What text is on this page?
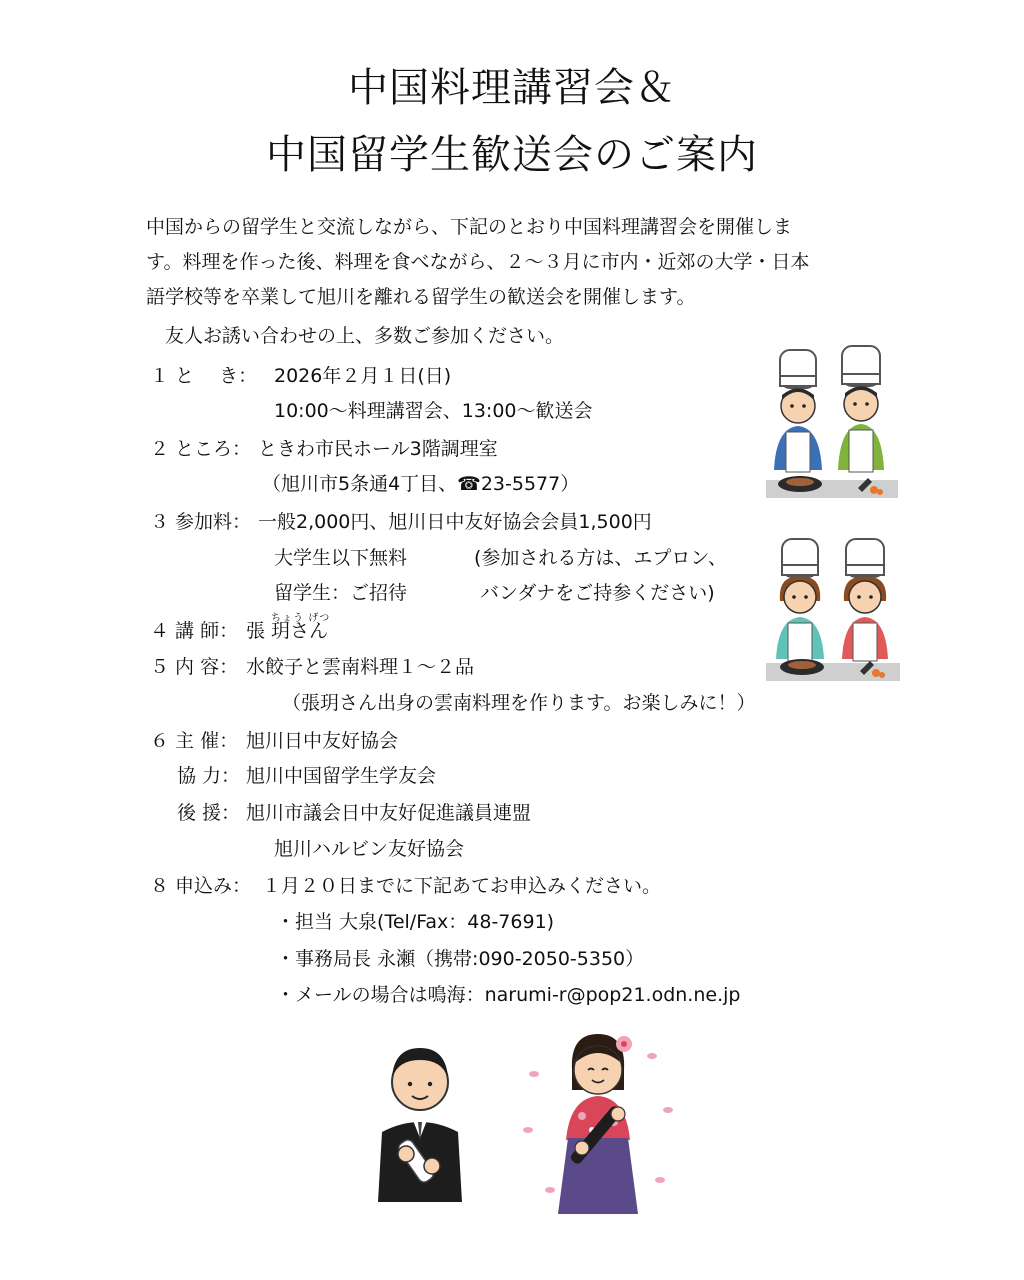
中国料理講習会＆
中国留学生歓送会のご案内

中国からの留学生と交流しながら、下記のとおり中国料理講習会を開催しま

す。料理を作った後、料理を食べながら、２～３月に市内・近郊の大学・日本

語学校等を卒業して旭川を離れる留学生の歓送会を開催します。

　友人お誘い合わせの上、多数ご参加ください。

１ と　 き： 2026年２月１日(日)
10:00～料理講習会、13:00～歓送会
２ ところ： ときわ市民ホール3階調理室
（旭川市5条通4丁目、☎23-5577）
３ 参加料： 一般2,000円、旭川日中友好協会会員1,500円
大学生以下無料	(参加される方は、エプロン、
留学生：ご招待	バンダナをご持参ください)
４ 講 師： 張
ちょう げつ
玥さん
５ 内 容： 水餃子と雲南料理１～２品
（張玥さん出身の雲南料理を作ります。お楽しみに！）
６ 主 催： 旭川日中友好協会
協 力： 旭川中国留学生学友会
後 援： 旭川市議会日中友好促進議員連盟
旭川ハルビン友好協会
８ 申込み： １月２０日までに下記あてお申込みください。
・担当 大泉(Tel/Fax：48-7691)
・事務局長 永瀬（携帯:090-2050-5350）
・メールの場合は鳴海：narumi-r@pop21.odn.ne.jp
